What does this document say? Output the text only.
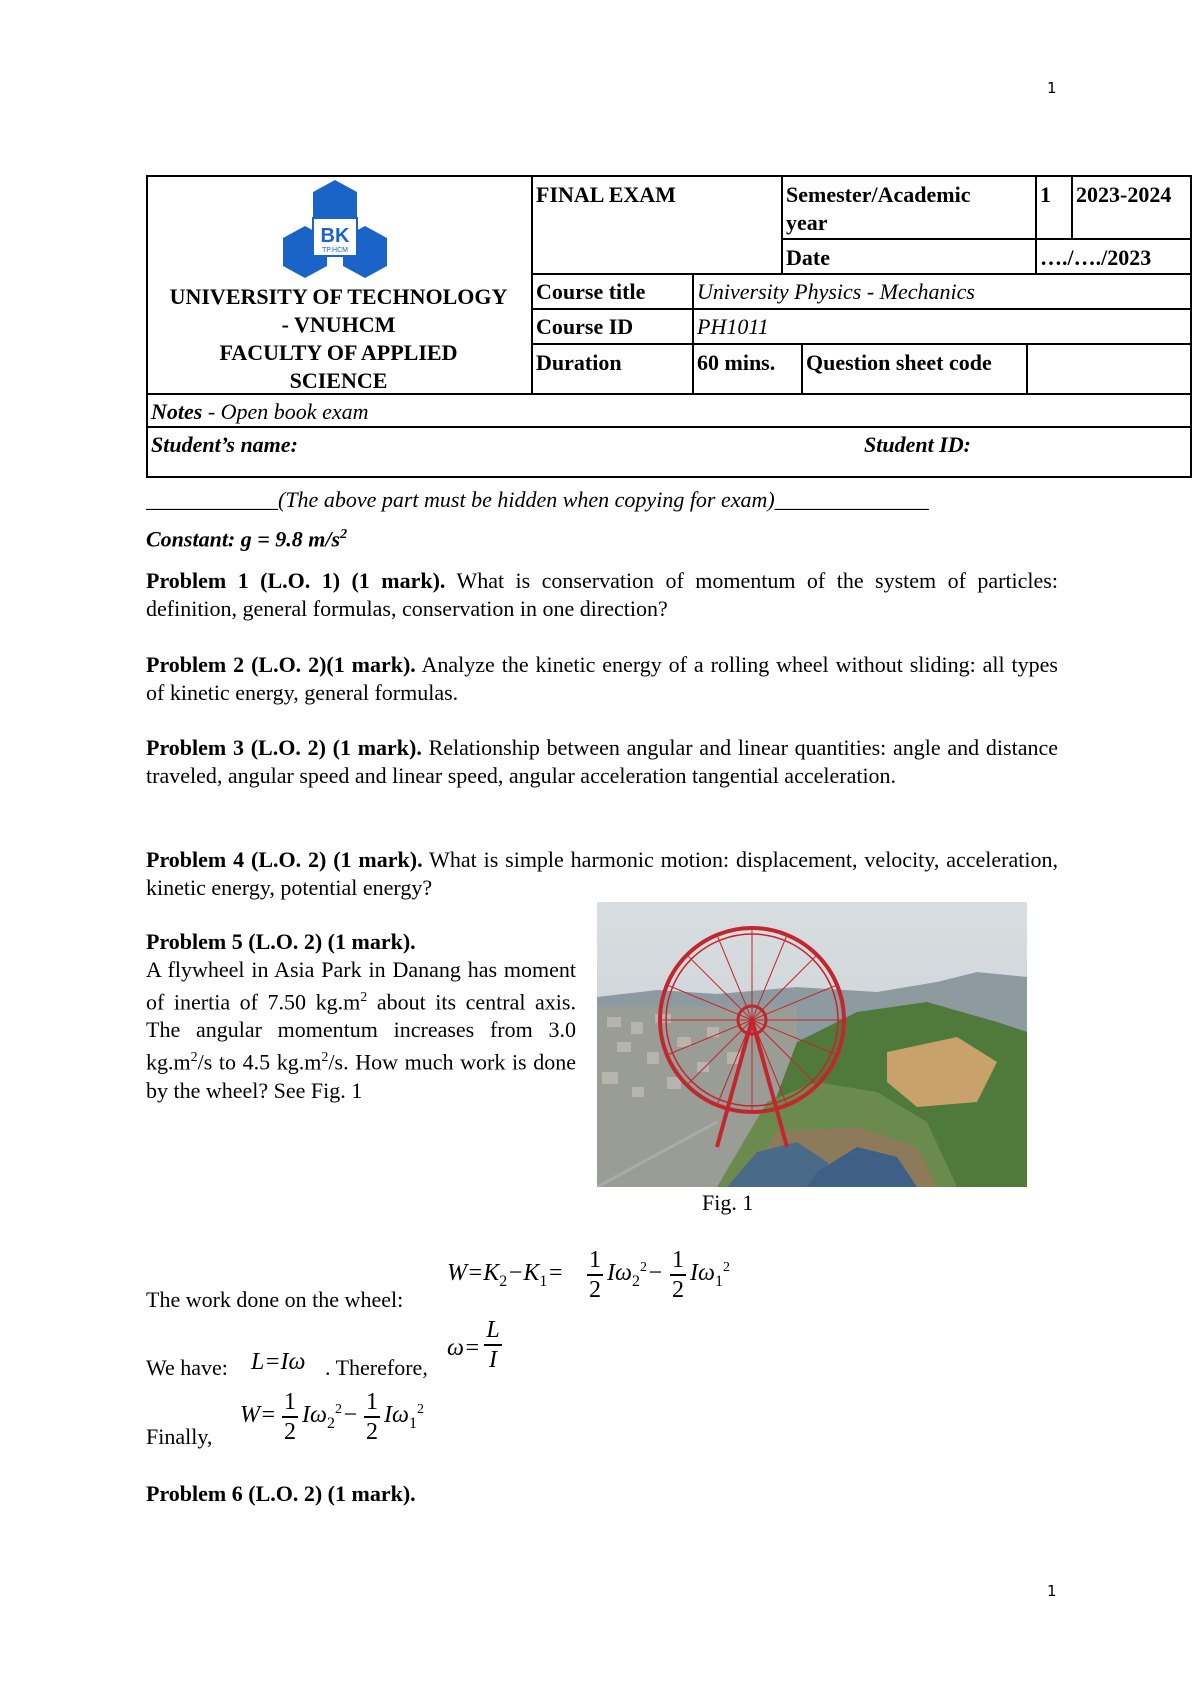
1
BK
TP.HCM
UNIVERSITY OF TECHNOLOGY
- VNUHCM
FACULTY OF APPLIED
SCIENCE
FINAL EXAM	Semester/Academic
year
1 2023-2024
Date	…./…./2023
Course title University Physics - Mechanics
Course ID	PH1011
Duration	60 mins. Question sheet code
Notes - Open book exam
Student’s name:	Student ID:
____________(The above part must be hidden when copying for exam)______________
Constant: g = 9.8 $m/s^2$

Problem 1 (L.O. 1) (1 mark). What is conservation of momentum of the system of particles: definition, general formulas, conservation in one direction?

Problem 2 (L.O. 2)(1 mark). Analyze the kinetic energy of a rolling wheel without sliding: all types of kinetic energy, general formulas.

Problem 3 (L.O. 2) (1 mark). Relationship between angular and linear quantities: angle and distance traveled, angular speed and linear speed, angular acceleration tangential acceleration.

Problem 4 (L.O. 2) (1 mark). What is simple harmonic motion: displacement, velocity, acceleration, kinetic energy, potential energy?

Problem 5 (L.O. 2) (1 mark).
A flywheel in Asia Park in Danang has moment of inertia of 7.50 $kg.m^2$ about its central axis. The angular momentum increases from 3.0 $kg.m^2/s$ to 4.5 $kg.m^2/s$. How much work is done by the wheel? See Fig. 1
Fig. 1
The work done on the wheel:
$W=K_2-K_1= 1$
2
$I\omega_2^2- 1$
2
$I\omega_1^2$
We have: L=Iω . Therefore,
ω=
L
I
Finally,
W= 1
2
$I\omega_2^2- 1$
2
$I\omega_1^2$
Problem 6 (L.O. 2) (1 mark).
1
